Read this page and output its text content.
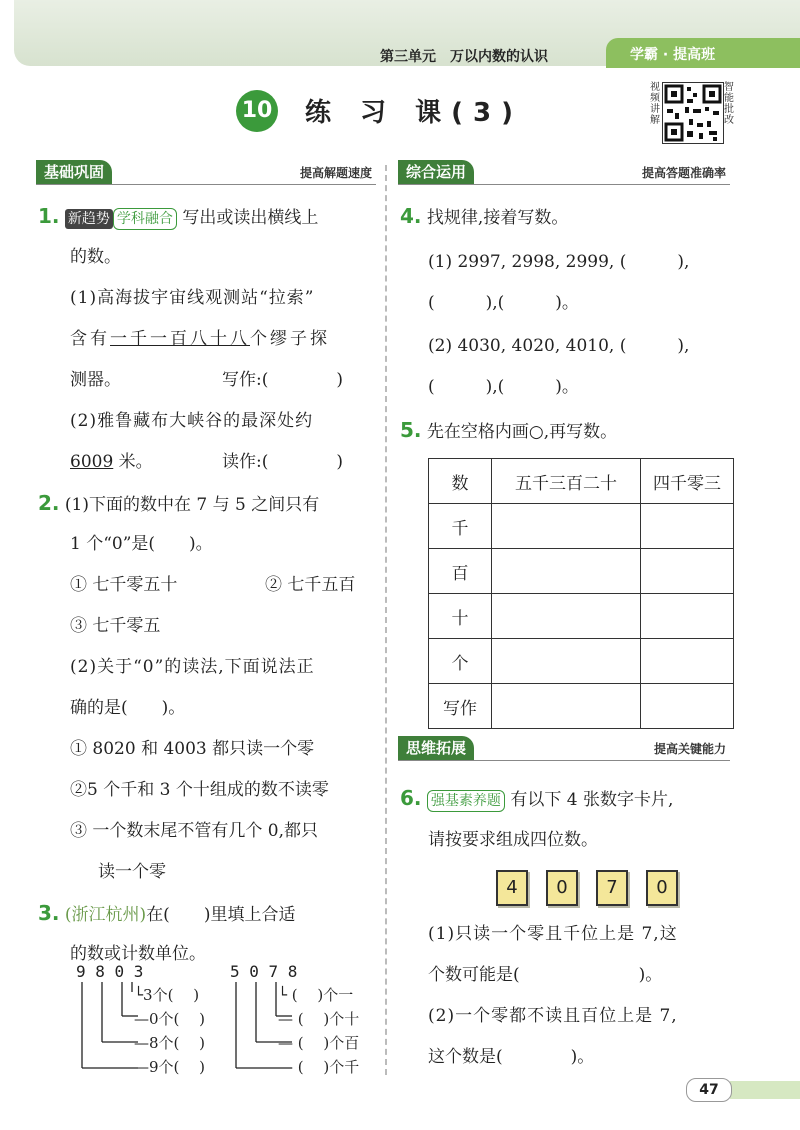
第三单元　万以内数的认识	学霸 · 提高班
10 练 习 课(3)
视频讲解
智能批改
基础巩固	提高解题速度
1. 新趋势 学科融合 写出或读出横线上
的数。
(1)高海拔宇宙线观测站“拉索”
含有一千一百八十八个缪子探
测器。	写作:(　　　　)
(2)雅鲁藏布大峡谷的最深处约
6009 米。	读作:(　　　　)
2. (1)下面的数中在 7 与 5 之间只有
1 个“0”是(　　)。
① 七千零五十	② 七千五百
③ 七千零五
(2)关于“0”的读法,下面说法正
确的是(　　)。
① 8020 和 4003 都只读一个零
②5 个千和 3 个十组成的数不读零
③ 一个数末尾不管有几个 0,都只
读一个零
3. (浙江杭州)在(　　)里填上合适
的数或计数单位。
9 8 0 3
└3个(　 )
—0个(　 )
—8个(　 )
—9个(　 )
5 0 7 8
└ (　 )个一
— (　 )个十
— (　 )个百
— (　 )个千
综合运用	提高答题准确率
4. 找规律,接着写数。
(1) 2997, 2998, 2999, (　　　),
(　　　),(　　　)。
(2) 4030, 4020, 4010, (　　　),
(　　　),(　　　)。
5. 先在空格内画○,再写数。
数	五千三百二十	四千零三
千		
百		
十		
个		
写作		
思维拓展	提高关键能力
6. 强基素养题 有以下 4 张数字卡片,
请按要求组成四位数。
4	0	7	0
(1)只读一个零且千位上是 7,这
个数可能是(　　　　　　　)。
(2)一个零都不读且百位上是 7,
这个数是(　　　　)。
47
